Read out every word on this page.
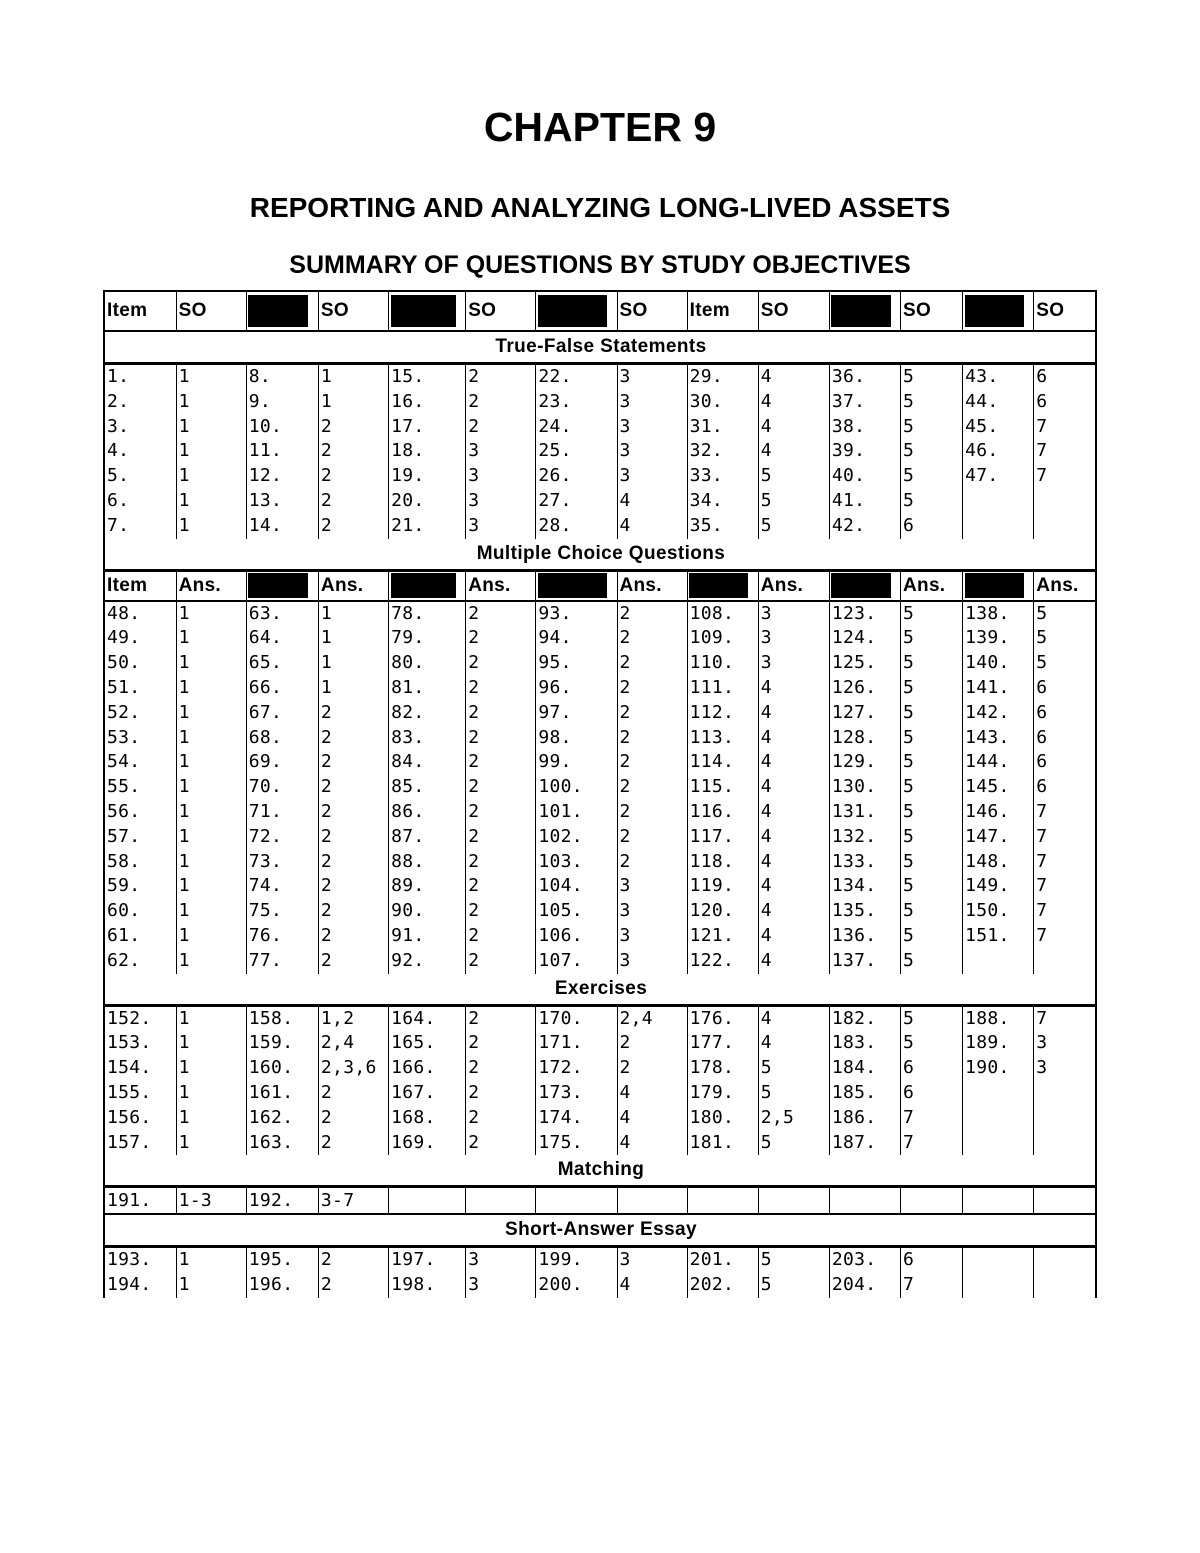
CHAPTER 9
REPORTING AND ANALYZING LONG-LIVED ASSETS
SUMMARY OF QUESTIONS BY STUDY OBJECTIVES
Item	SO		SO		SO		SO	Item	SO		SO		SO
True-False Statements													
1.	1	8.	1	15.	2	22.	3	29.	4	36.	5	43.	6
2.	1	9.	1	16.	2	23.	3	30.	4	37.	5	44.	6
3.	1	10.	2	17.	2	24.	3	31.	4	38.	5	45.	7
4.	1	11.	2	18.	3	25.	3	32.	4	39.	5	46.	7
5.	1	12.	2	19.	3	26.	3	33.	5	40.	5	47.	7
6.	1	13.	2	20.	3	27.	4	34.	5	41.	5		
7.	1	14.	2	21.	3	28.	4	35.	5	42.	6		
Multiple Choice Questions													
Item	Ans.		Ans.		Ans.		Ans.		Ans.		Ans.		Ans.
48.	1	63.	1	78.	2	93.	2	108.	3	123.	5	138.	5
49.	1	64.	1	79.	2	94.	2	109.	3	124.	5	139.	5
50.	1	65.	1	80.	2	95.	2	110.	3	125.	5	140.	5
51.	1	66.	1	81.	2	96.	2	111.	4	126.	5	141.	6
52.	1	67.	2	82.	2	97.	2	112.	4	127.	5	142.	6
53.	1	68.	2	83.	2	98.	2	113.	4	128.	5	143.	6
54.	1	69.	2	84.	2	99.	2	114.	4	129.	5	144.	6
55.	1	70.	2	85.	2	100.	2	115.	4	130.	5	145.	6
56.	1	71.	2	86.	2	101.	2	116.	4	131.	5	146.	7
57.	1	72.	2	87.	2	102.	2	117.	4	132.	5	147.	7
58.	1	73.	2	88.	2	103.	2	118.	4	133.	5	148.	7
59.	1	74.	2	89.	2	104.	3	119.	4	134.	5	149.	7
60.	1	75.	2	90.	2	105.	3	120.	4	135.	5	150.	7
61.	1	76.	2	91.	2	106.	3	121.	4	136.	5	151.	7
62.	1	77.	2	92.	2	107.	3	122.	4	137.	5		
Exercises													
152.	1	158.	1,2	164.	2	170.	2,4	176.	4	182.	5	188.	7
153.	1	159.	2,4	165.	2	171.	2	177.	4	183.	5	189.	3
154.	1	160.	2,3,6	166.	2	172.	2	178.	5	184.	6	190.	3
155.	1	161.	2	167.	2	173.	4	179.	5	185.	6		
156.	1	162.	2	168.	2	174.	4	180.	2,5	186.	7		
157.	1	163.	2	169.	2	175.	4	181.	5	187.	7		
Matching													
191.	1-3	192.	3-7										
Short-Answer Essay													
193.	1	195.	2	197.	3	199.	3	201.	5	203.	6		
194.	1	196.	2	198.	3	200.	4	202.	5	204.	7		
